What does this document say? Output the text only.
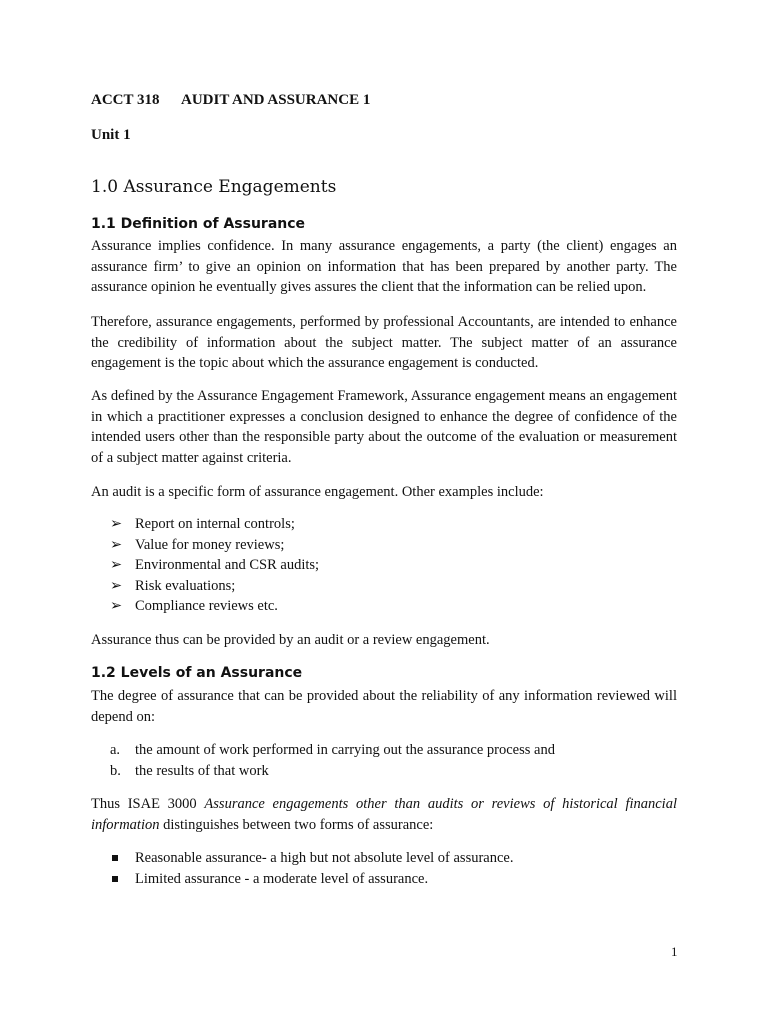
ACCT 318 AUDIT AND ASSURANCE 1
Unit 1
1.0 Assurance Engagements
1.1 Definition of Assurance

Assurance implies confidence. In many assurance engagements, a party (the client) engages an assurance firm’ to give an opinion on information that has been prepared by another party. The assurance opinion he eventually gives assures the client that the information can be relied upon.

Therefore, assurance engagements, performed by professional Accountants, are intended to enhance the credibility of information about the subject matter. The subject matter of an assurance engagement is the topic about which the assurance engagement is conducted.

As defined by the Assurance Engagement Framework, Assurance engagement means an engagement in which a practitioner expresses a conclusion designed to enhance the degree of confidence of the intended users other than the responsible party about the outcome of the evaluation or measurement of a subject matter against criteria.

An audit is a specific form of assurance engagement. Other examples include:

➢ Report on internal controls;
➢ Value for money reviews;
➢ Environmental and CSR audits;
➢ Risk evaluations;
➢ Compliance reviews etc.

Assurance thus can be provided by an audit or a review engagement.

1.2 Levels of an Assurance

The degree of assurance that can be provided about the reliability of any information reviewed will depend on:

a. the amount of work performed in carrying out the assurance process and
b. the results of that work

Thus ISAE 3000 Assurance engagements other than audits or reviews of historical financial information distinguishes between two forms of assurance:

Reasonable assurance- a high but not absolute level of assurance.
Limited assurance - a moderate level of assurance.
1
